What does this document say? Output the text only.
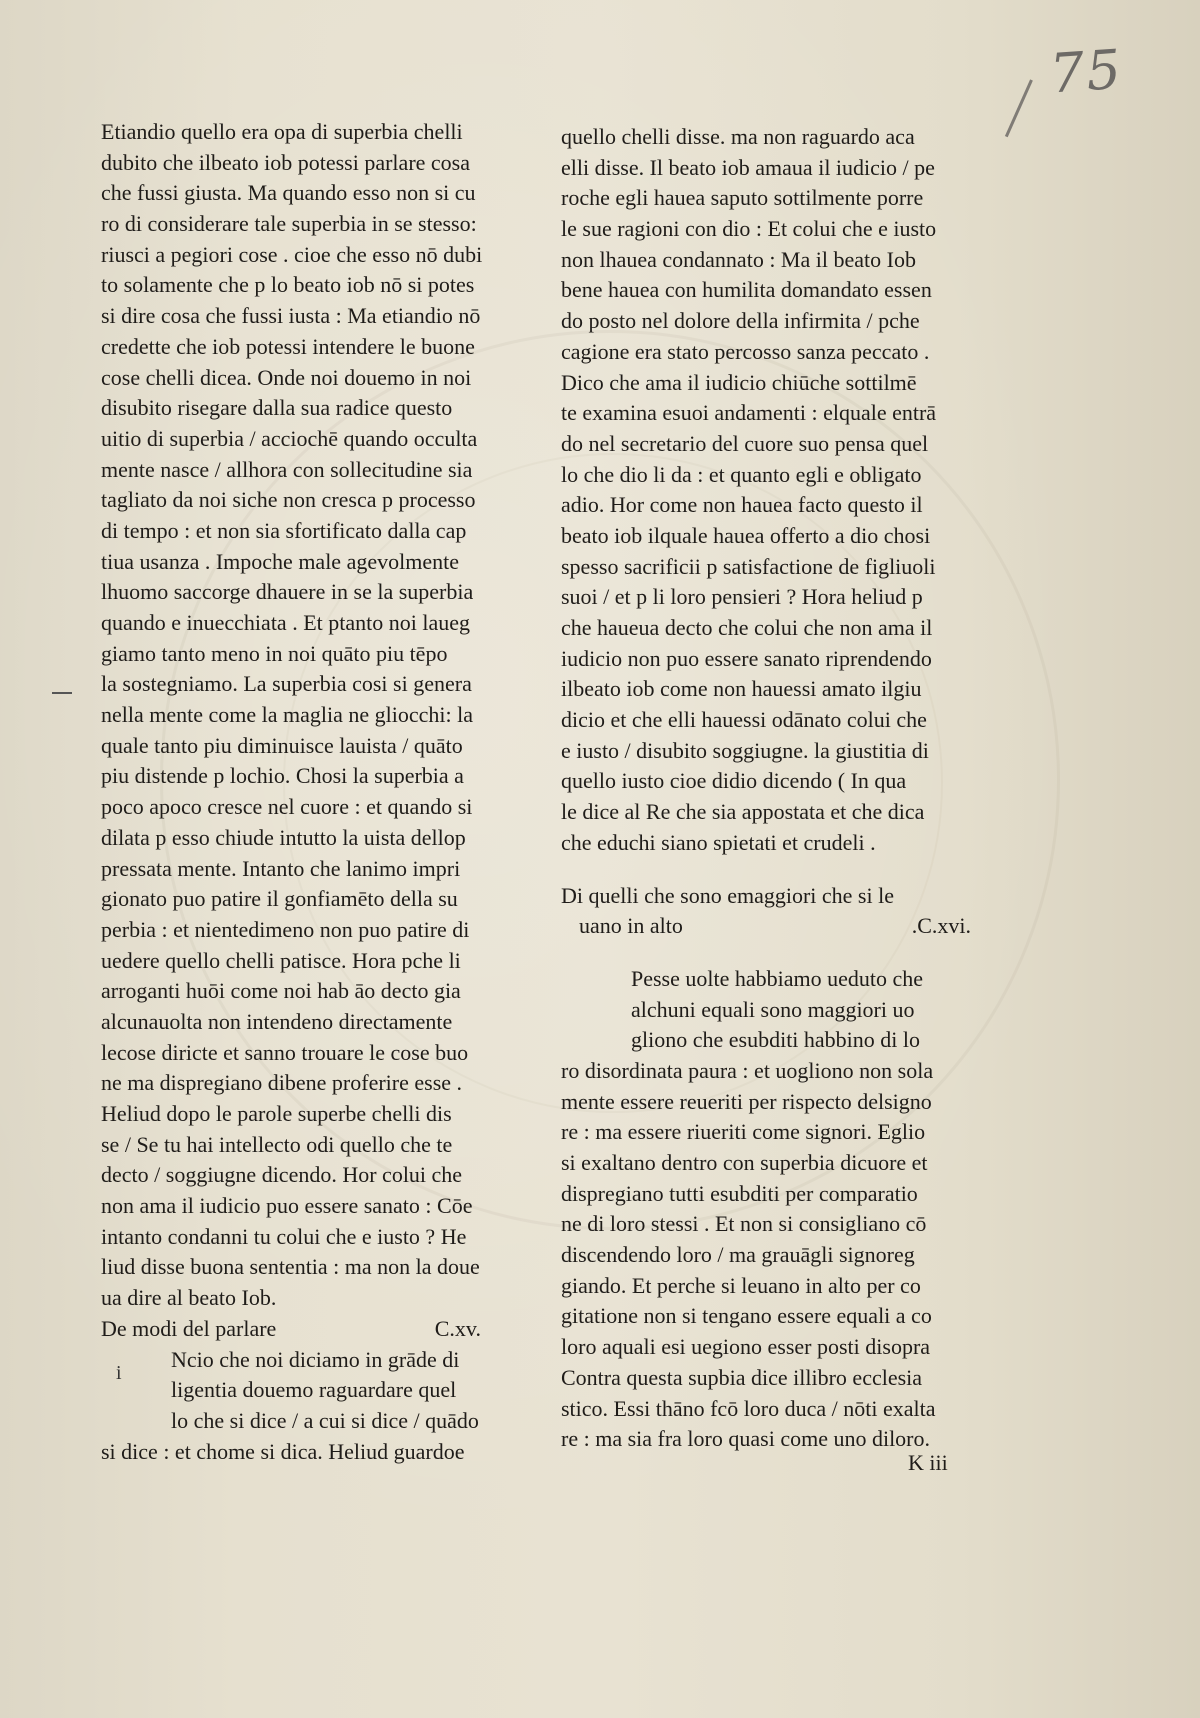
75
i
Etiandio quello era opa di superbia chelli
dubito che ilbeato iob potessi parlare cosa
che fussi giusta. Ma quando esso non si cu
ro di considerare tale superbia in se stesso:
riusci a pegiori cose . cioe che esso nō dubi
to solamente che p lo beato iob nō si potes
si dire cosa che fussi iusta : Ma etiandio nō
credette che iob potessi intendere le buone
cose chelli dicea. Onde noi douemo in noi
disubito risegare dalla sua radice questo
uitio di superbia / acciochē quando occulta
mente nasce / allhora con sollecitudine sia
tagliato da noi siche non cresca p processo
di tempo : et non sia sfortificato dalla cap
tiua usanza . Impoche male agevolmente
lhuomo saccorge dhauere in se la superbia
quando e inuecchiata . Et ptanto noi laueg
giamo tanto meno in noi quāto piu tēpo
la sostegniamo. La superbia cosi si genera
nella mente come la maglia ne gliocchi: la
quale tanto piu diminuisce lauista / quāto
piu distende p lochio. Chosi la superbia a
poco apoco cresce nel cuore : et quando si
dilata p esso chiude intutto la uista dellop
pressata mente. Intanto che lanimo impri
gionato puo patire il gonfiamēto della su
perbia : et nientedimeno non puo patire di
uedere quello chelli patisce. Hora pche li
arroganti huōi come noi hab āo decto gia
alcunauolta non intendeno directamente
lecose diricte et sanno trouare le cose buo
ne ma dispregiano dibene proferire esse .
Heliud dopo le parole superbe chelli dis
se / Se tu hai intellecto odi quello che te
decto / soggiugne dicendo. Hor colui che
non ama il iudicio puo essere sanato : Cōe
intanto condanni tu colui che e iusto ? He
liud disse buona sententia : ma non la doue
ua dire al beato Iob.
De modi del parlare	C.xv.
Ncio che noi diciamo in grāde di
ligentia douemo raguardare quel
lo che si dice / a cui si dice / quādo
si dice : et chome si dica. Heliud guardoe
quello chelli disse. ma non raguardo aca
elli disse. Il beato iob amaua il iudicio / pe
roche egli hauea saputo sottilmente porre
le sue ragioni con dio : Et colui che e iusto
non lhauea condannato : Ma il beato Iob
bene hauea con humilita domandato essen
do posto nel dolore della infirmita / pche
cagione era stato percosso sanza peccato .
Dico che ama il iudicio chiūche sottilmē
te examina esuoi andamenti : elquale entrā
do nel secretario del cuore suo pensa quel
lo che dio li da : et quanto egli e obligato
adio. Hor come non hauea facto questo il
beato iob ilquale hauea offerto a dio chosi
spesso sacrificii p satisfactione de figliuoli
suoi / et p li loro pensieri ? Hora heliud p
che haueua decto che colui che non ama il
iudicio non puo essere sanato riprendendo
ilbeato iob come non hauessi amato ilgiu
dicio et che elli hauessi odānato colui che
e iusto / disubito soggiugne. la giustitia di
quello iusto cioe didio dicendo ( In qua
le dice al Re che sia appostata et che dica
che educhi siano spietati et crudeli .
Di quelli che sono emaggiori che si le
uano in alto	.C.xvi.
Pesse uolte habbiamo ueduto che
alchuni equali sono maggiori uo
gliono che esubditi habbino di lo
ro disordinata paura : et uogliono non sola
mente essere reueriti per rispecto delsigno
re : ma essere riueriti come signori. Eglio
si exaltano dentro con superbia dicuore et
dispregiano tutti esubditi per comparatio
ne di loro stessi . Et non si consigliano cō
discendendo loro / ma grauāgli signoreg
giando. Et perche si leuano in alto per co
gitatione non si tengano essere equali a co
loro aquali esi uegiono esser posti disopra
Contra questa supbia dice illibro ecclesia
stico. Essi thāno fcō loro duca / nōti exalta
re : ma sia fra loro quasi come uno diloro.
K iii
